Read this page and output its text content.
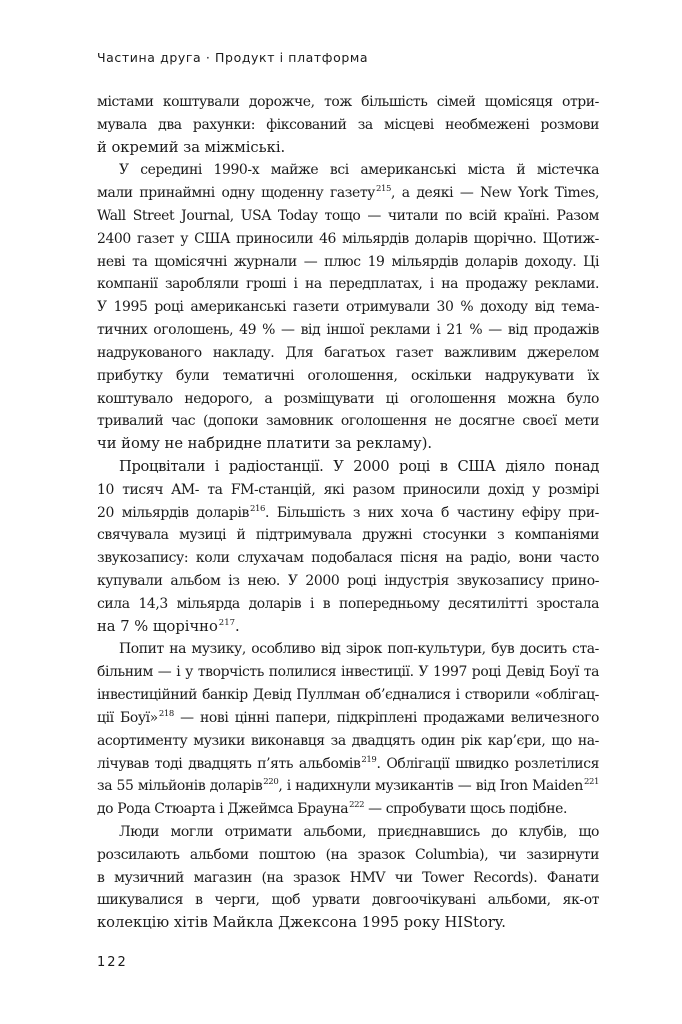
Частина друга · Продукт і платформа
містами коштували дорожче, тож більшість сімей щомісяця отри-
мувала два рахунки: фіксований за місцеві необмежені розмови
й окремий за міжміські.
У середині 1990-х майже всі американські міста й містечка
мали принаймні одну щоденну газету$^{215}$, а деякі — New York Times,
Wall Street Journal, USA Today тощо — читали по всій країні. Разом
2400 газет у США приносили 46 мільярдів доларів щорічно. Щотиж-
неві та щомісячні журнали — плюс 19 мільярдів доларів доходу. Ці
компанії заробляли гроші і на передплатах, і на продажу реклами.
У 1995 році американські газети отримували 30 % доходу від тема-
тичних оголошень, 49 % — від іншої реклами і 21 % — від продажів
надрукованого накладу. Для багатьох газет важливим джерелом
прибутку були тематичні оголошення, оскільки надрукувати їх
коштувало недорого, а розміщувати ці оголошення можна було
тривалий час (допоки замовник оголошення не досягне своєї мети
чи йому не набридне платити за рекламу).
Процвітали і радіостанції. У 2000 році в США діяло понад
10 тисяч AM- та FM-станцій, які разом приносили дохід у розмірі
20 мільярдів доларів$^{216}$. Більшість з них хоча б частину ефіру при-
свячувала музиці й підтримувала дружні стосунки з компаніями
звукозапису: коли слухачам подобалася пісня на радіо, вони часто
купували альбом із нею. У 2000 році індустрія звукозапису прино-
сила 14,3 мільярда доларів і в попередньому десятилітті зростала
на 7 % щорічно$^{217}$.
Попит на музику, особливо від зірок поп-культури, був досить ста-
більним — і у творчість полилися інвестиції. У 1997 році Девід Боуї та
інвестиційний банкір Девід Пуллман об’єдналися і створили «облігац-
ції Боуї»$^{218}$ — нові цінні папери, підкріплені продажами величезного
асортименту музики виконавця за двадцять один рік кар’єри, що на-
лічував тоді двадцять п’ять альбомів$^{219}$. Облігації швидко розлетілися
за 55 мільйонів доларів$^{220}$, і надихнули музикантів — від Iron Maiden$^{221}$
до Рода Стюарта і Джеймса Брауна$^{222}$ — спробувати щось подібне.
Люди могли отримати альбоми, приєднавшись до клубів, що
розсилають альбоми поштою (на зразок Columbia), чи зазирнути
в музичний магазин (на зразок HMV чи Tower Records). Фанати
шикувалися в черги, щоб урвати довгоочікувані альбоми, як-от
колекцію хітів Майкла Джексона 1995 року HIStory.
122
